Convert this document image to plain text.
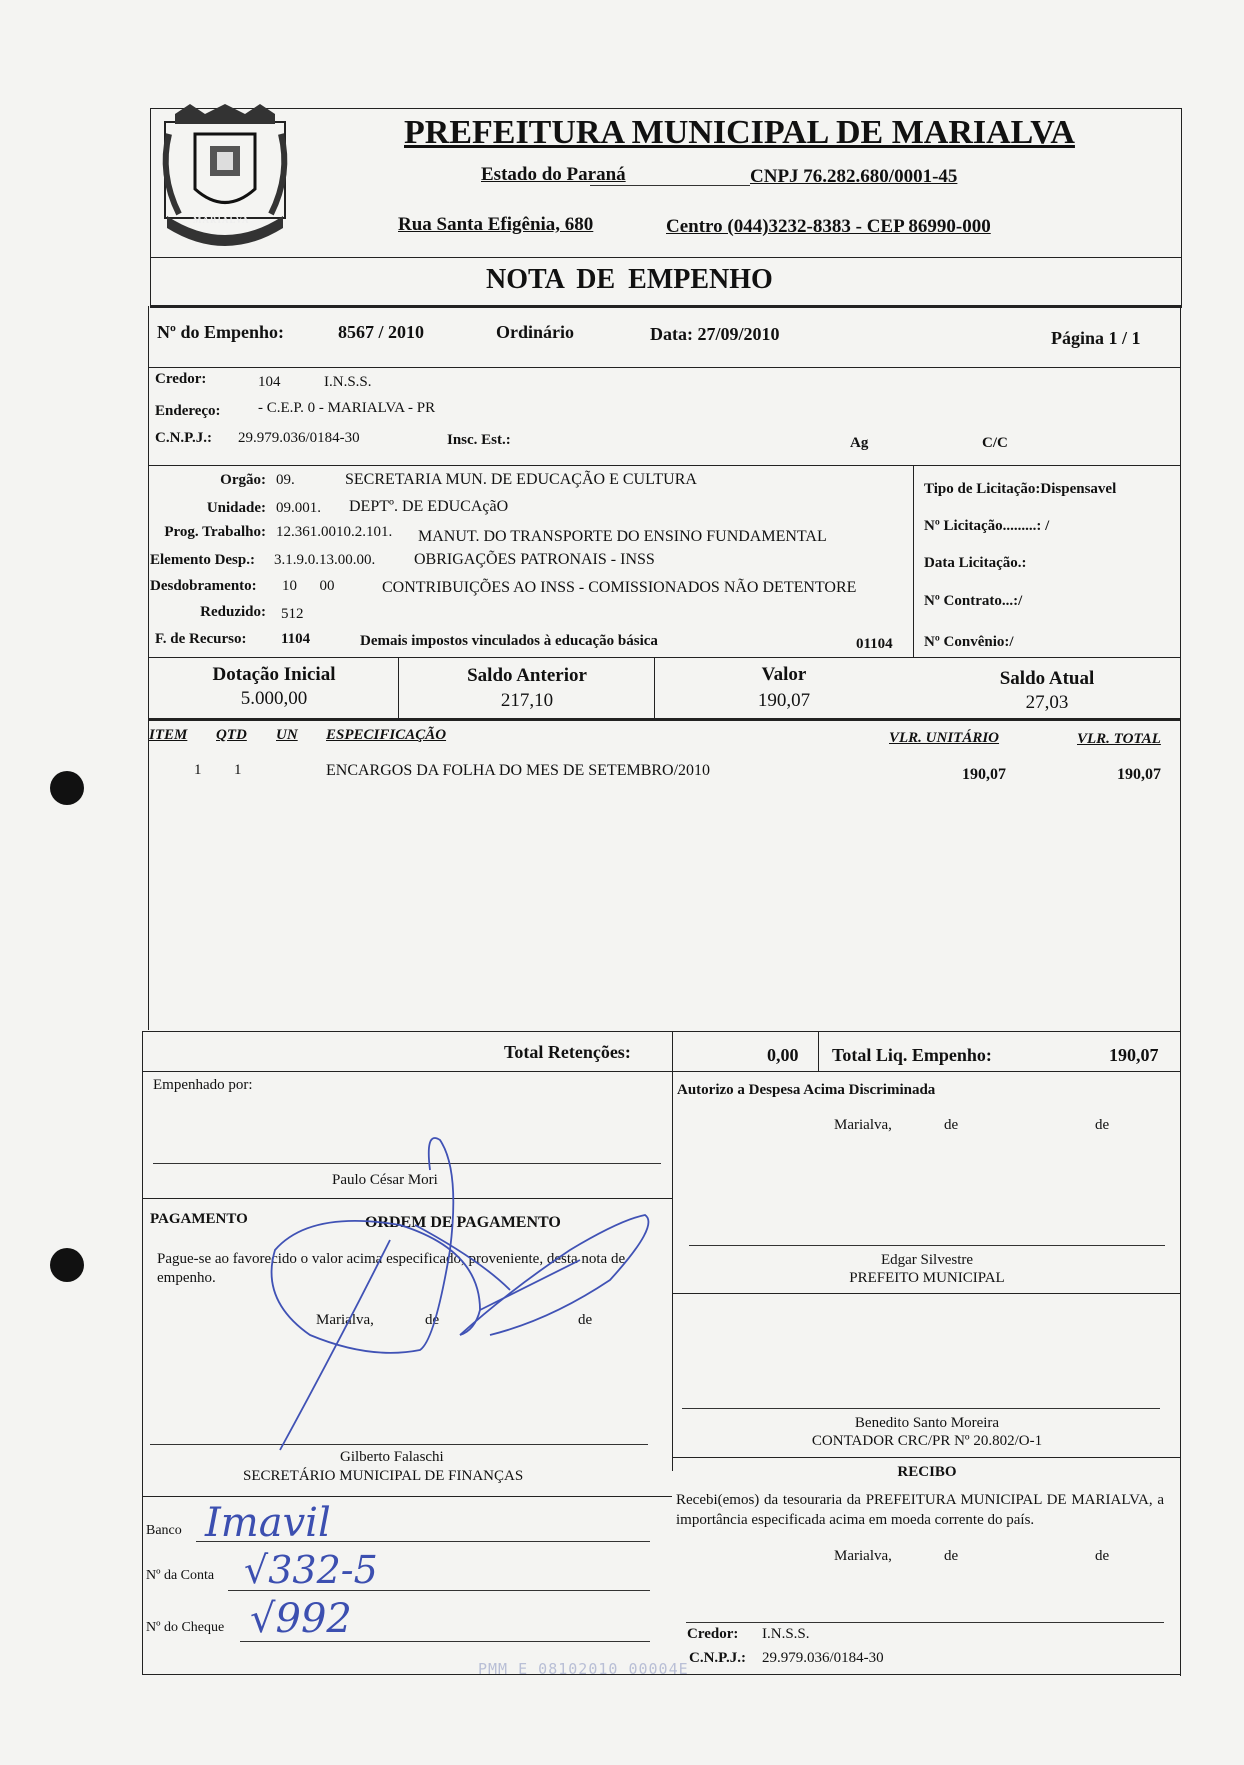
MARIALVA
PREFEITURA MUNICIPAL DE MARIALVA
Estado do Paraná	CNPJ 76.282.680/0001-45
Rua Santa Efigênia, 680	Centro (044)3232-8383 - CEP 86990-000
NOTA DE EMPENHO
Nº do Empenho:	8567 / 2010	Ordinário	Data: 27/09/2010	Página 1 / 1
Credor:	104	I.N.S.S.
Endereço: - C.E.P. 0 - MARIALVA - PR
C.N.P.J.: 29.979.036/0184-30	Insc. Est.:	Ag	C/C
Orgão: 09.	SECRETARIA MUN. DE EDUCAÇÃO E CULTURA
Unidade: 09.001. DEPTº. DE EDUCAçãO
Prog. Trabalho: 12.361.0010.2.101. MANUT. DO TRANSPORTE DO ENSINO FUNDAMENTAL
Elemento Desp.: 3.1.9.0.13.00.00. OBRIGAÇÕES PATRONAIS - INSS
Desdobramento: 10      00	CONTRIBUIÇÕES AO INSS - COMISSIONADOS NÃO DETENTORE
Reduzido: 512
F. de Recurso: 1104	Demais impostos vinculados à educação básica	01104
Tipo de Licitação:Dispensavel
Nº Licitação.........: /
Data Licitação.:
Nº Contrato...:/
Nº Convênio:/
Dotação Inicial
5.000,00
Saldo Anterior
217,10
Valor
190,07
Saldo Atual
27,03
ITEM QTD UN ESPECIFICAÇÃO	VLR. UNITÁRIO	VLR. TOTAL
1 1	ENCARGOS DA FOLHA DO MES DE SETEMBRO/2010	190,07	190,07
Total Retenções:	0,00 Total Liq. Empenho:	190,07
Empenhado por:
Paulo César Mori
PAGAMENTO	ORDEM DE PAGAMENTO
Pague-se ao favorecido o valor acima especificado, proveniente, desta nota de empenho.
Marialva,	de	de
Gilberto Falaschi
SECRETÁRIO MUNICIPAL DE FINANÇAS
Banco Imavil
Nº da Conta √332-5
Nº do Cheque √992
Autorizo a Despesa Acima Discriminada
Marialva,	de	de
Edgar Silvestre
PREFEITO MUNICIPAL
Benedito Santo Moreira
CONTADOR CRC/PR Nº 20.802/O-1
RECIBO
Recebi(emos) da tesouraria da PREFEITURA MUNICIPAL DE MARIALVA, a importância especificada acima em moeda corrente do país.
Marialva,	de	de
Credor: I.N.S.S.
C.N.P.J.: 29.979.036/0184-30
PMM E 08102010 00004E
